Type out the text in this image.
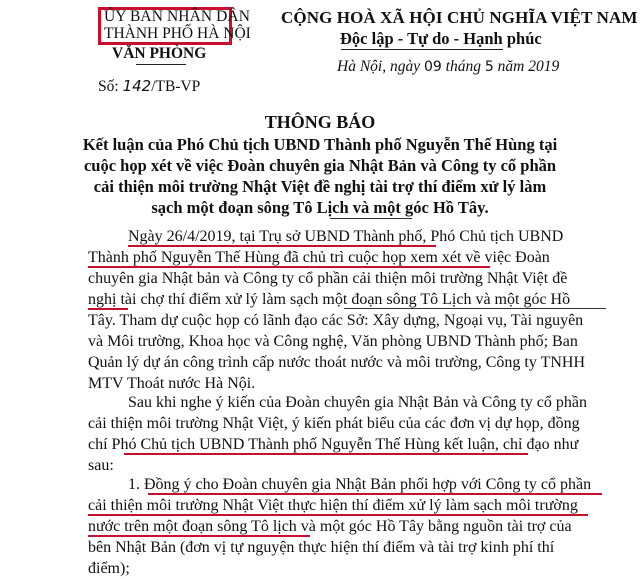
ỦY BAN NHÂN DÂN
THÀNH PHỐ HÀ NỘI
VĂN PHÒNG
Số: 142/TB-VP
CỘNG HOÀ XÃ HỘI CHỦ NGHĨA VIỆT NAM
Độc lập - Tự do - Hạnh phúc
Hà Nội, ngày 09 tháng 5 năm 2019
THÔNG BÁO
Kết luận của Phó Chủ tịch UBND Thành phố Nguyễn Thế Hùng tại
cuộc họp xét về việc Đoàn chuyên gia Nhật Bản và Công ty cổ phần
cải thiện môi trường Nhật Việt đề nghị tài trợ thí điểm xử lý làm
sạch một đoạn sông Tô Lịch và một góc Hồ Tây.
Ngày 26/4/2019, tại Trụ sở UBND Thành phố, Phó Chủ tịch UBND
Thành phố Nguyễn Thế Hùng đã chủ trì cuộc họp xem xét về việc Đoàn
chuyên gia Nhật bản và Công ty cổ phần cải thiện môi trường Nhật Việt đề
nghị tài chợ thí điểm xử lý làm sạch một đoạn sông Tô Lịch và một góc Hồ
Tây. Tham dự cuộc họp có lãnh đạo các Sở: Xây dựng, Ngoại vụ, Tài nguyên
và Môi trường, Khoa học và Công nghệ, Văn phòng UBND Thành phố; Ban
Quản lý dự án công trình cấp nước thoát nước và môi trường, Công ty TNHH
MTV Thoát nước Hà Nội.
Sau khi nghe ý kiến của Đoàn chuyên gia Nhật Bản và Công ty cổ phần
cải thiện môi trường Nhật Việt, ý kiến phát biểu của các đơn vị dự họp, đồng
chí Phó Chủ tịch UBND Thành phố Nguyễn Thế Hùng kết luận, chỉ đạo như
sau:
1. Đồng ý cho Đoàn chuyên gia Nhật Bản phối hợp với Công ty cổ phần
cải thiện môi trường Nhật Việt thực hiện thí điểm xử lý làm sạch môi trường
nước trên một đoạn sông Tô lịch và một góc Hồ Tây bằng nguồn tài trợ của
bên Nhật Bản (đơn vị tự nguyện thực hiện thí điểm và tài trợ kinh phí thí
điểm);
